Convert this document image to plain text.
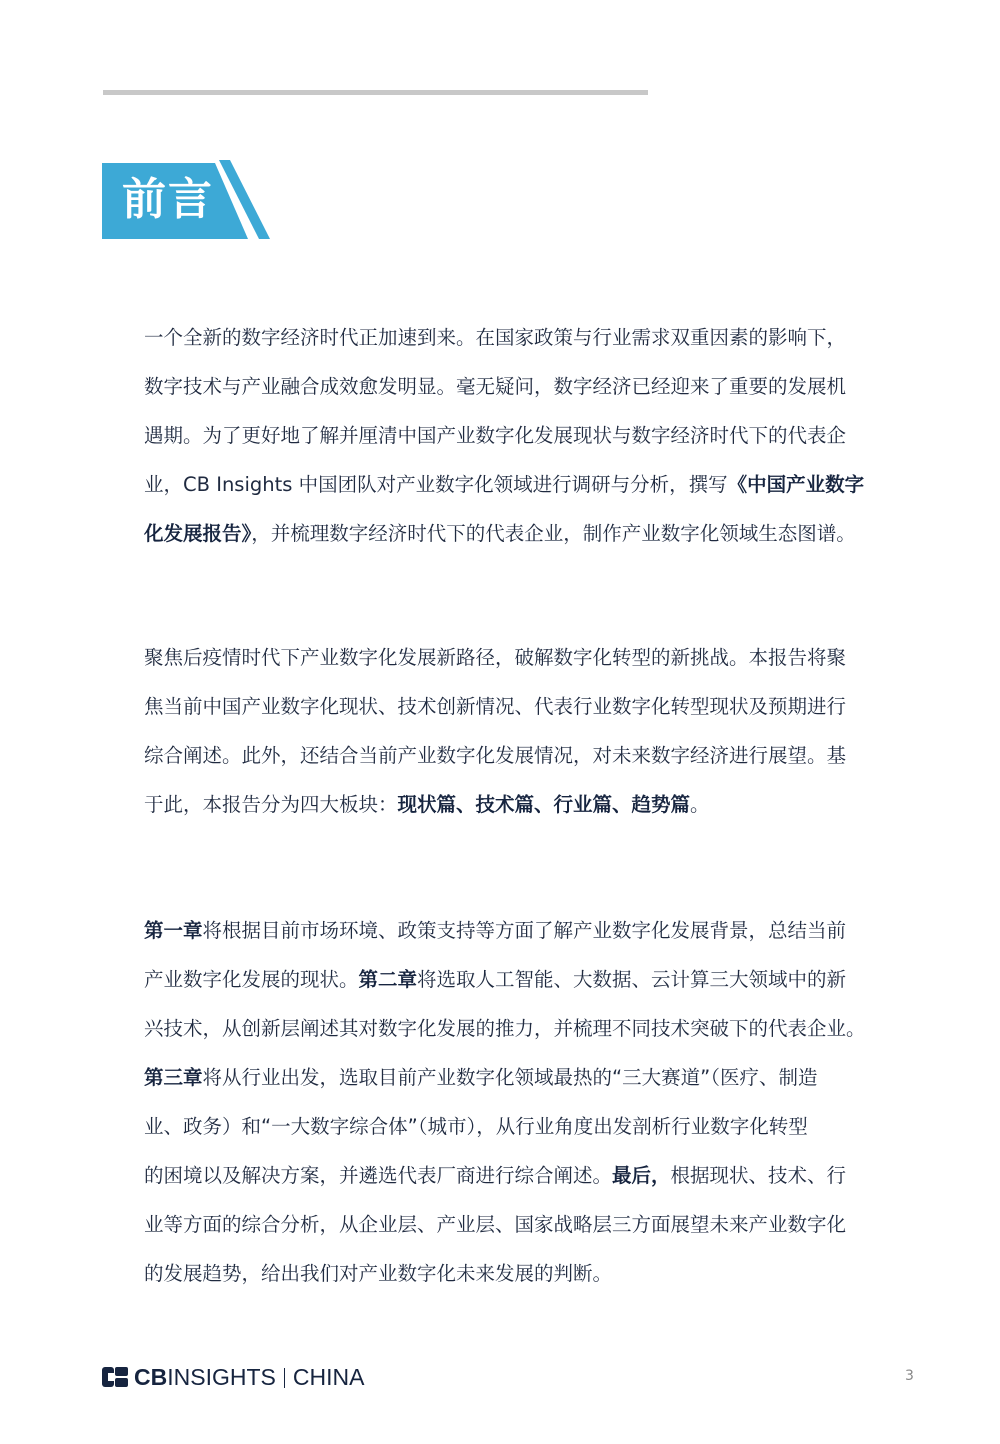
前言
一个全新的数字经济时代正加速到来。在国家政策与行业需求双重因素的影响下，
数字技术与产业融合成效愈发明显。毫无疑问，数字经济已经迎来了重要的发展机
遇期。为了更好地了解并厘清中国产业数字化发展现状与数字经济时代下的代表企
业，CB Insights 中国团队对产业数字化领域进行调研与分析，撰写《中国产业数字
化发展报告》，并梳理数字经济时代下的代表企业，制作产业数字化领域生态图谱。
聚焦后疫情时代下产业数字化发展新路径，破解数字化转型的新挑战。本报告将聚
焦当前中国产业数字化现状、技术创新情况、代表行业数字化转型现状及预期进行
综合阐述。此外，还结合当前产业数字化发展情况，对未来数字经济进行展望。基
于此，本报告分为四大板块：现状篇、技术篇、行业篇、趋势篇。
第一章将根据目前市场环境、政策支持等方面了解产业数字化发展背景，总结当前
产业数字化发展的现状。第二章将选取人工智能、大数据、云计算三大领域中的新
兴技术，从创新层阐述其对数字化发展的推力，并梳理不同技术突破下的代表企业。
第三章将从行业出发，选取目前产业数字化领域最热的“三大赛道”（医疗、制造
业、政务）和“一大数字综合体”（城市），从行业角度出发剖析行业数字化转型
的困境以及解决方案，并遴选代表厂商进行综合阐述。最后，根据现状、技术、行
业等方面的综合分析，从企业层、产业层、国家战略层三方面展望未来产业数字化
的发展趋势，给出我们对产业数字化未来发展的判断。
CBINSIGHTS CHINA	3
